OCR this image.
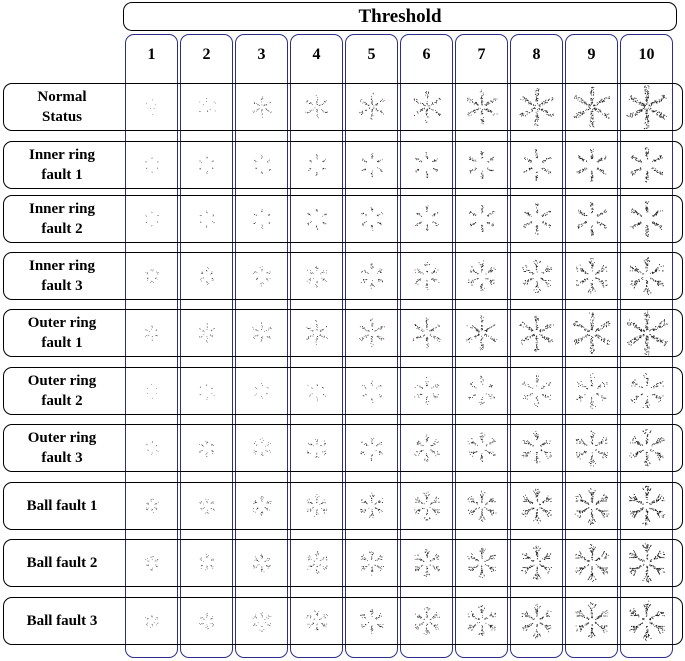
Threshold
1	2	3	4	5	6	7	8	9	10
Normal
Status
Inner ring
fault 1
Inner ring
fault 2
Inner ring
fault 3
Outer ring
fault 1
Outer ring
fault 2
Outer ring
fault 3
Ball fault 1
Ball fault 2
Ball fault 3
